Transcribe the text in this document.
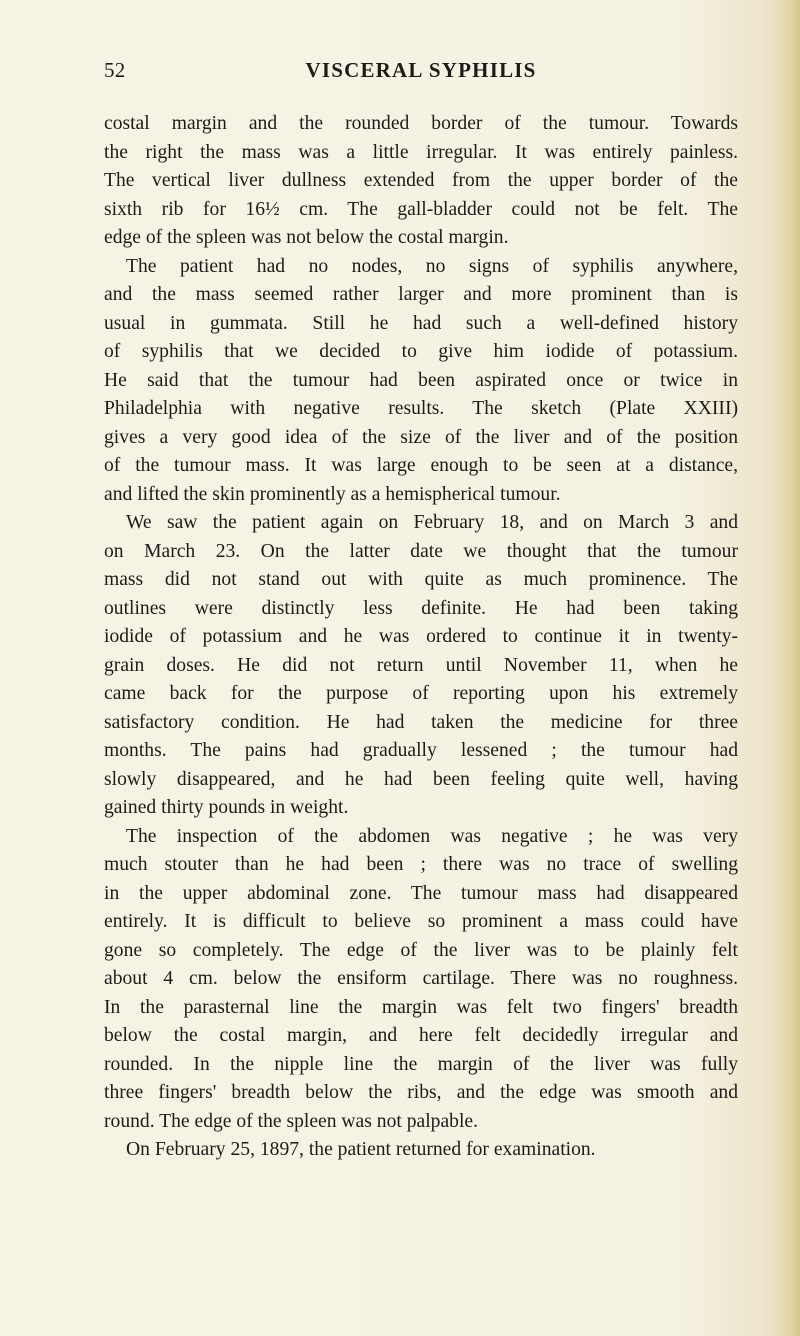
52	VISCERAL SYPHILIS
costal margin and the rounded border of the tumour. Towards
the right the mass was a little irregular. It was entirely painless.
The vertical liver dullness extended from the upper border of the
sixth rib for 16½ cm. The gall-bladder could not be felt. The
edge of the spleen was not below the costal margin.
The patient had no nodes, no signs of syphilis anywhere,
and the mass seemed rather larger and more prominent than is
usual in gummata. Still he had such a well-defined history
of syphilis that we decided to give him iodide of potassium.
He said that the tumour had been aspirated once or twice in
Philadelphia with negative results. The sketch (Plate XXIII)
gives a very good idea of the size of the liver and of the position
of the tumour mass. It was large enough to be seen at a distance,
and lifted the skin prominently as a hemispherical tumour.
We saw the patient again on February 18, and on March 3 and
on March 23. On the latter date we thought that the tumour
mass did not stand out with quite as much prominence. The
outlines were distinctly less definite. He had been taking
iodide of potassium and he was ordered to continue it in twenty-
grain doses. He did not return until November 11, when he
came back for the purpose of reporting upon his extremely
satisfactory condition. He had taken the medicine for three
months. The pains had gradually lessened ; the tumour had
slowly disappeared, and he had been feeling quite well, having
gained thirty pounds in weight.
The inspection of the abdomen was negative ; he was very
much stouter than he had been ; there was no trace of swelling
in the upper abdominal zone. The tumour mass had disappeared
entirely. It is difficult to believe so prominent a mass could have
gone so completely. The edge of the liver was to be plainly felt
about 4 cm. below the ensiform cartilage. There was no roughness.
In the parasternal line the margin was felt two fingers' breadth
below the costal margin, and here felt decidedly irregular and
rounded. In the nipple line the margin of the liver was fully
three fingers' breadth below the ribs, and the edge was smooth and
round. The edge of the spleen was not palpable.
On February 25, 1897, the patient returned for examination.
